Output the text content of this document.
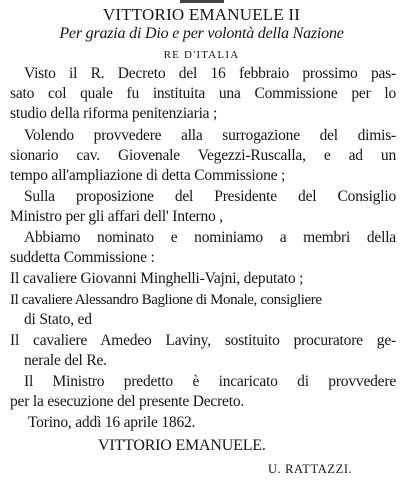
VITTORIO EMANUELE II
Per grazia di Dio e per volontà della Nazione
RE D'ITALIA
Visto il R. Decreto del 16 febbraio prossimo pas-
sato col quale fu instituita una Commissione per lo
studio della riforma penitenziaria ;
Volendo provvedere alla surrogazione del dimis-
sionario cav. Giovenale Vegezzi-Ruscalla, e ad un
tempo all'ampliazione di detta Commissione ;
Sulla proposizione del Presidente del Consiglio
Ministro per gli affari dell' Interno ,
Abbiamo nominato e nominiamo a membri della
suddetta Commissione :
Il cavaliere Giovanni Minghelli-Vajni, deputato ;
Il cavaliere Alessandro Baglione di Monale, consigliere
di Stato, ed
Il cavaliere Amedeo Laviny, sostituito procuratore ge-
nerale del Re.
Il Ministro predetto è incaricato di provvedere
per la esecuzione del presente Decreto.
Torino, addì 16 aprile 1862.
VITTORIO EMANUELE.
U. RATTAZZI.
